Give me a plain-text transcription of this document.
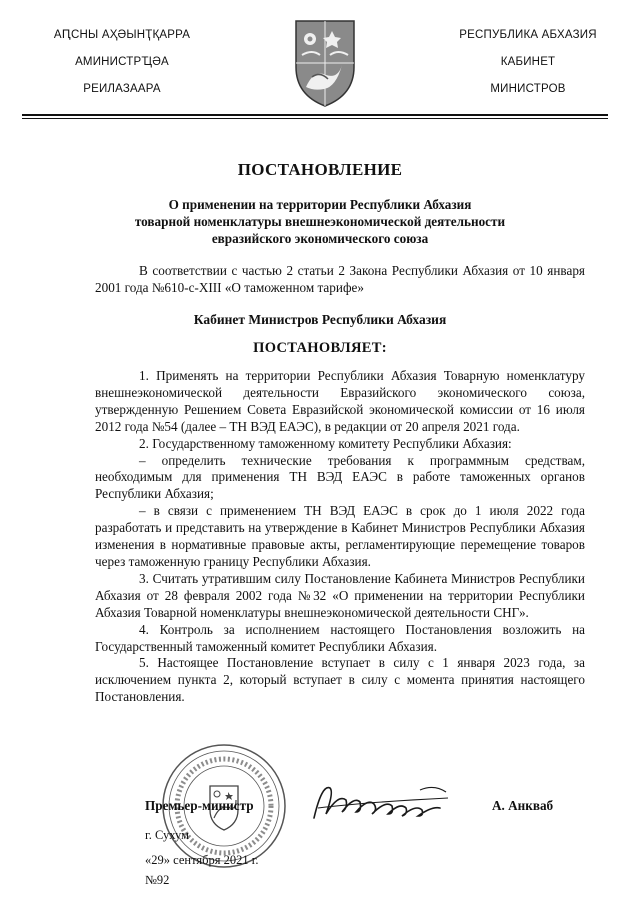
АԤСНЫ АҲӘЫНҬҚАРРА
АМИНИСТРҴӘА
РЕИЛАЗААРА
РЕСПУБЛИКА АБХАЗИЯ
КАБИНЕТ
МИНИСТРОВ
ПОСТАНОВЛЕНИЕ
О применении на территории Республики Абхазия
товарной номенклатуры внешнеэкономической деятельности
евразийского экономического союза
В соответствии с частью 2 статьи 2 Закона Республики Абхазия от 10 января 2001 года №610-с-XIII «О таможенном тарифе»
Кабинет Министров Республики Абхазия
ПОСТАНОВЛЯЕТ:

1. Применять на территории Республики Абхазия Товарную номенклатуру внешнеэкономической деятельности Евразийского экономического союза, утвержденную Решением Совета Евразийской экономической комиссии от 16 июля 2012 года №54 (далее – ТН ВЭД ЕАЭС), в редакции от 20 апреля 2021 года.

2. Государственному таможенному комитету Республики Абхазия:

– определить технические требования к программным средствам, необходимым для применения ТН ВЭД ЕАЭС в работе таможенных органов Республики Абхазия;

– в связи с применением ТН ВЭД ЕАЭС в срок до 1 июля 2022 года разработать и представить на утверждение в Кабинет Министров Республики Абхазия изменения в нормативные правовые акты, регламентирующие перемещение товаров через таможенную границу Республики Абхазия.

3. Считать утратившим силу Постановление Кабинета Министров Республики Абхазия от 28 февраля 2002 года №32 «О применении на территории Республики Абхазия Товарной номенклатуры внешнеэкономической деятельности СНГ».

4. Контроль за исполнением настоящего Постановления возложить на Государственный таможенный комитет Республики Абхазия.

5. Настоящее Постановление вступает в силу с 1 января 2023 года, за исключением пункта 2, который вступает в силу с момента принятия настоящего Постановления.

Премьер-министр	А. Анкваб
г. Сухум
«29» сентября 2021 г.
№92
